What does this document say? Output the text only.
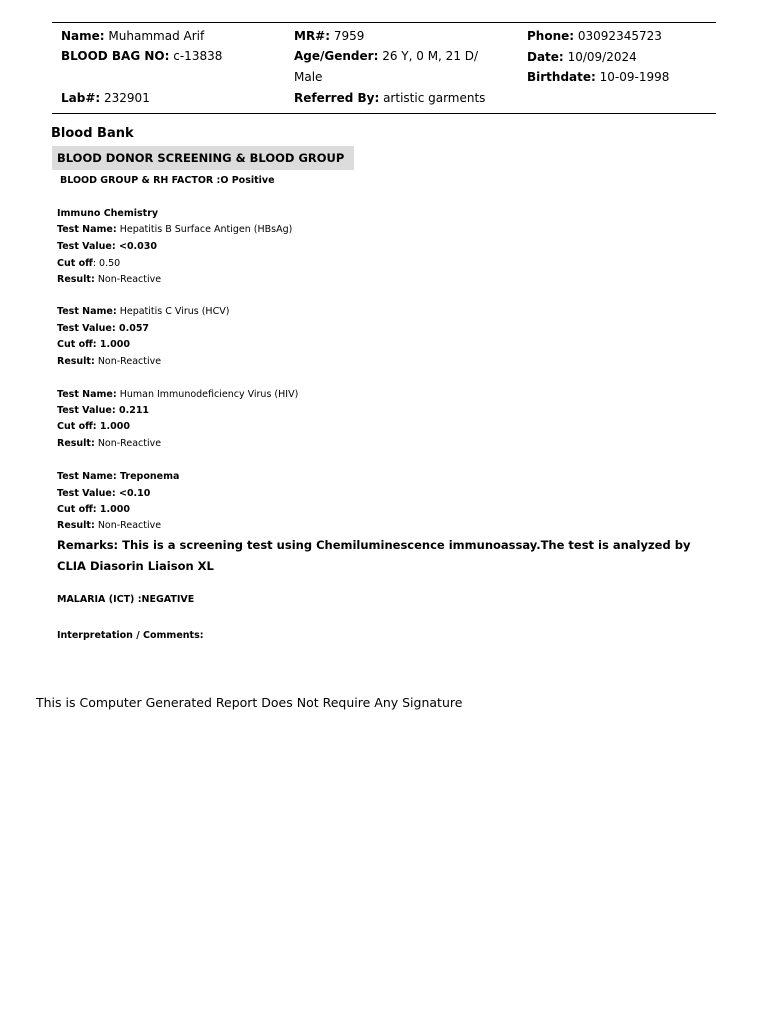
Name: Muhammad Arif
BLOOD BAG NO: c-13838
Lab#: 232901
MR#: 7959
Age/Gender: 26 Y, 0 M, 21 D/
Male
Referred By: artistic garments
Phone: 03092345723
Date: 10/09/2024
Birthdate: 10-09-1998
Blood Bank
BLOOD DONOR SCREENING & BLOOD GROUP
BLOOD GROUP & RH FACTOR :O Positive
Immuno Chemistry
Test Name: Hepatitis B Surface Antigen (HBsAg)
Test Value: <0.030
Cut off: 0.50
Result: Non-Reactive
Test Name: Hepatitis C Virus (HCV)
Test Value: 0.057
Cut off: 1.000
Result: Non-Reactive
Test Name: Human Immunodeficiency Virus (HIV)
Test Value: 0.211
Cut off: 1.000
Result: Non-Reactive
Test Name: Treponema
Test Value: <0.10
Cut off: 1.000
Result: Non-Reactive
Remarks: This is a screening test using Chemiluminescence immunoassay.The test is analyzed by CLIA Diasorin Liaison XL
MALARIA (ICT) :NEGATIVE
Interpretation / Comments:
This is Computer Generated Report Does Not Require Any Signature
